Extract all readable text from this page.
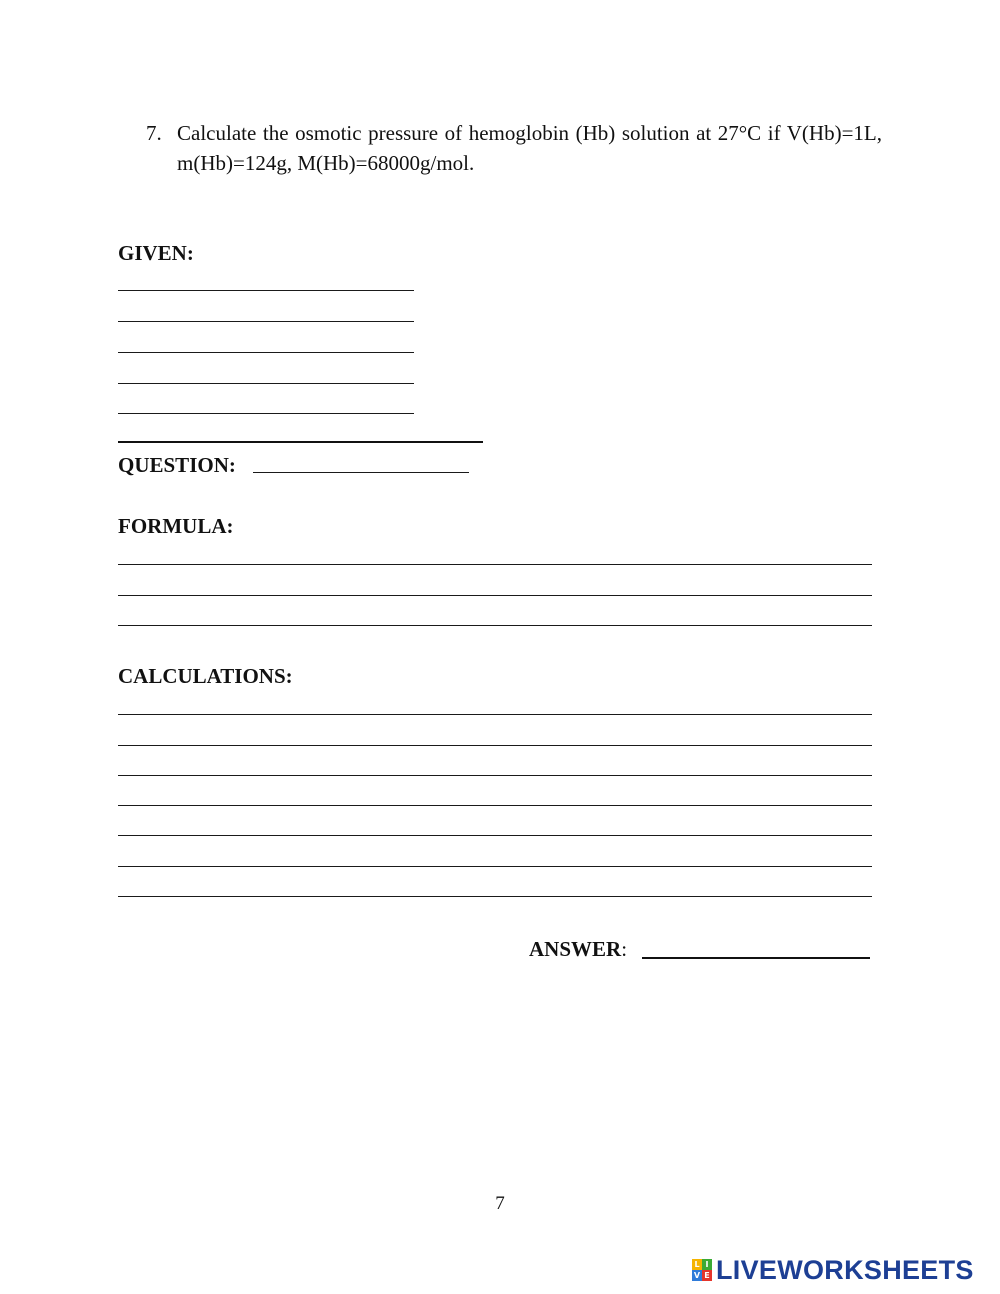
7. Calculate the osmotic pressure of hemoglobin (Hb) solution at 27°C if V(Hb)=1L, m(Hb)=124g, M(Hb)=68000g/mol.
GIVEN:
QUESTION:
FORMULA:
CALCULATIONS:
ANSWER:
7
L I
V E LIVEWORKSHEETS
